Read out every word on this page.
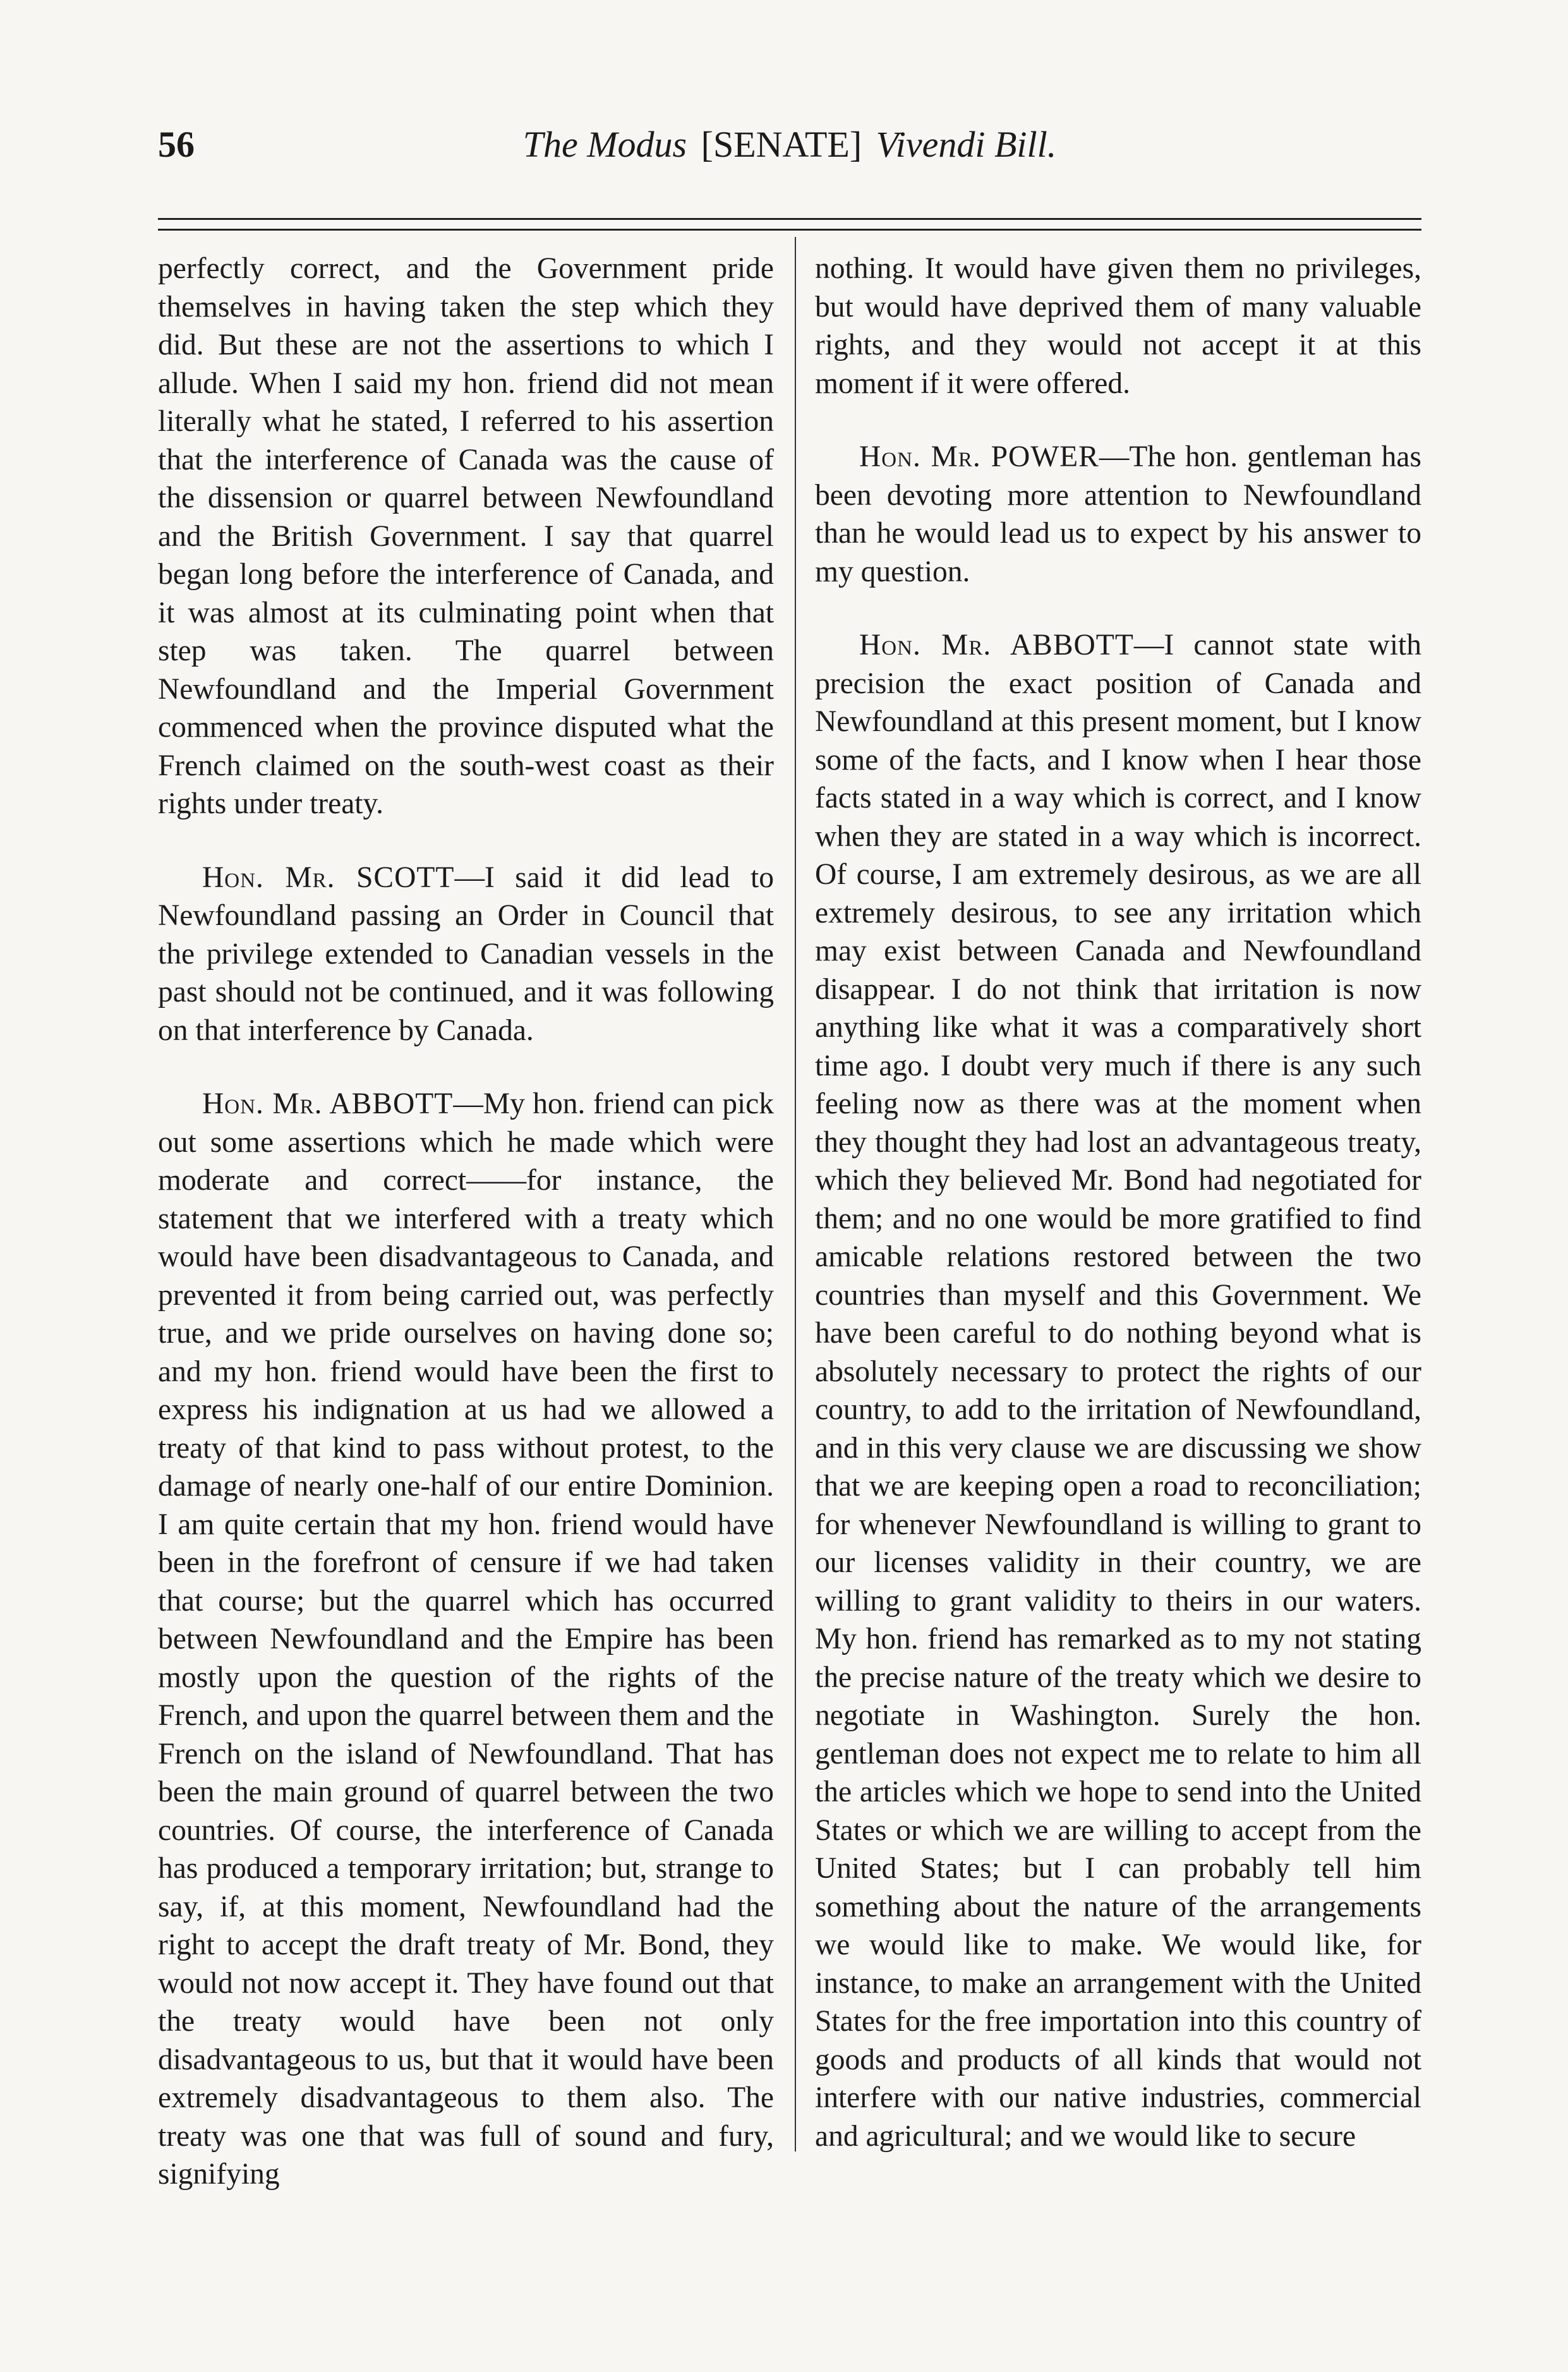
56	The Modus [SENATE] Vivendi Bill.

perfectly correct, and the Government pride themselves in having taken the step which they did. But these are not the assertions to which I allude. When I said my hon. friend did not mean literally what he stated, I referred to his assertion that the interference of Canada was the cause of the dissension or quarrel between Newfoundland and the British Government. I say that quarrel began long before the interference of Canada, and it was almost at its culminating point when that step was taken. The quarrel between Newfoundland and the Imperial Government commenced when the province disputed what the French claimed on the south-west coast as their rights under treaty.

Hon. Mr. SCOTT—I said it did lead to Newfoundland passing an Order in Council that the privilege extended to Canadian vessels in the past should not be continued, and it was following on that interference by Canada.

Hon. Mr. ABBOTT—My hon. friend can pick out some assertions which he made which were moderate and correct——for instance, the statement that we interfered with a treaty which would have been disadvantageous to Canada, and prevented it from being carried out, was perfectly true, and we pride ourselves on having done so; and my hon. friend would have been the first to express his indignation at us had we allowed a treaty of that kind to pass without protest, to the damage of nearly one-half of our entire Dominion. I am quite certain that my hon. friend would have been in the forefront of censure if we had taken that course; but the quarrel which has occurred between Newfoundland and the Empire has been mostly upon the question of the rights of the French, and upon the quarrel between them and the French on the island of Newfoundland. That has been the main ground of quarrel between the two countries. Of course, the interference of Canada has produced a temporary irritation; but, strange to say, if, at this moment, Newfoundland had the right to accept the draft treaty of Mr. Bond, they would not now accept it. They have found out that the treaty would have been not only disadvantageous to us, but that it would have been extremely disadvantageous to them also. The treaty was one that was full of sound and fury, signifying

nothing. It would have given them no privileges, but would have deprived them of many valuable rights, and they would not accept it at this moment if it were offered.

Hon. Mr. POWER—The hon. gentleman has been devoting more attention to Newfoundland than he would lead us to expect by his answer to my question.

Hon. Mr. ABBOTT—I cannot state with precision the exact position of Canada and Newfoundland at this present moment, but I know some of the facts, and I know when I hear those facts stated in a way which is correct, and I know when they are stated in a way which is incorrect. Of course, I am extremely desirous, as we are all extremely desirous, to see any irritation which may exist between Canada and Newfoundland disappear. I do not think that irritation is now anything like what it was a comparatively short time ago. I doubt very much if there is any such feeling now as there was at the moment when they thought they had lost an advantageous treaty, which they believed Mr. Bond had negotiated for them; and no one would be more gratified to find amicable relations restored between the two countries than myself and this Government. We have been careful to do nothing beyond what is absolutely necessary to protect the rights of our country, to add to the irritation of Newfoundland, and in this very clause we are discussing we show that we are keeping open a road to reconciliation; for whenever Newfoundland is willing to grant to our licenses validity in their country, we are willing to grant validity to theirs in our waters. My hon. friend has remarked as to my not stating the precise nature of the treaty which we desire to negotiate in Washington. Surely the hon. gentleman does not expect me to relate to him all the articles which we hope to send into the United States or which we are willing to accept from the United States; but I can probably tell him something about the nature of the arrangements we would like to make. We would like, for instance, to make an arrangement with the United States for the free importation into this country of goods and products of all kinds that would not interfere with our native industries, commercial and agricultural; and we would like to secure
